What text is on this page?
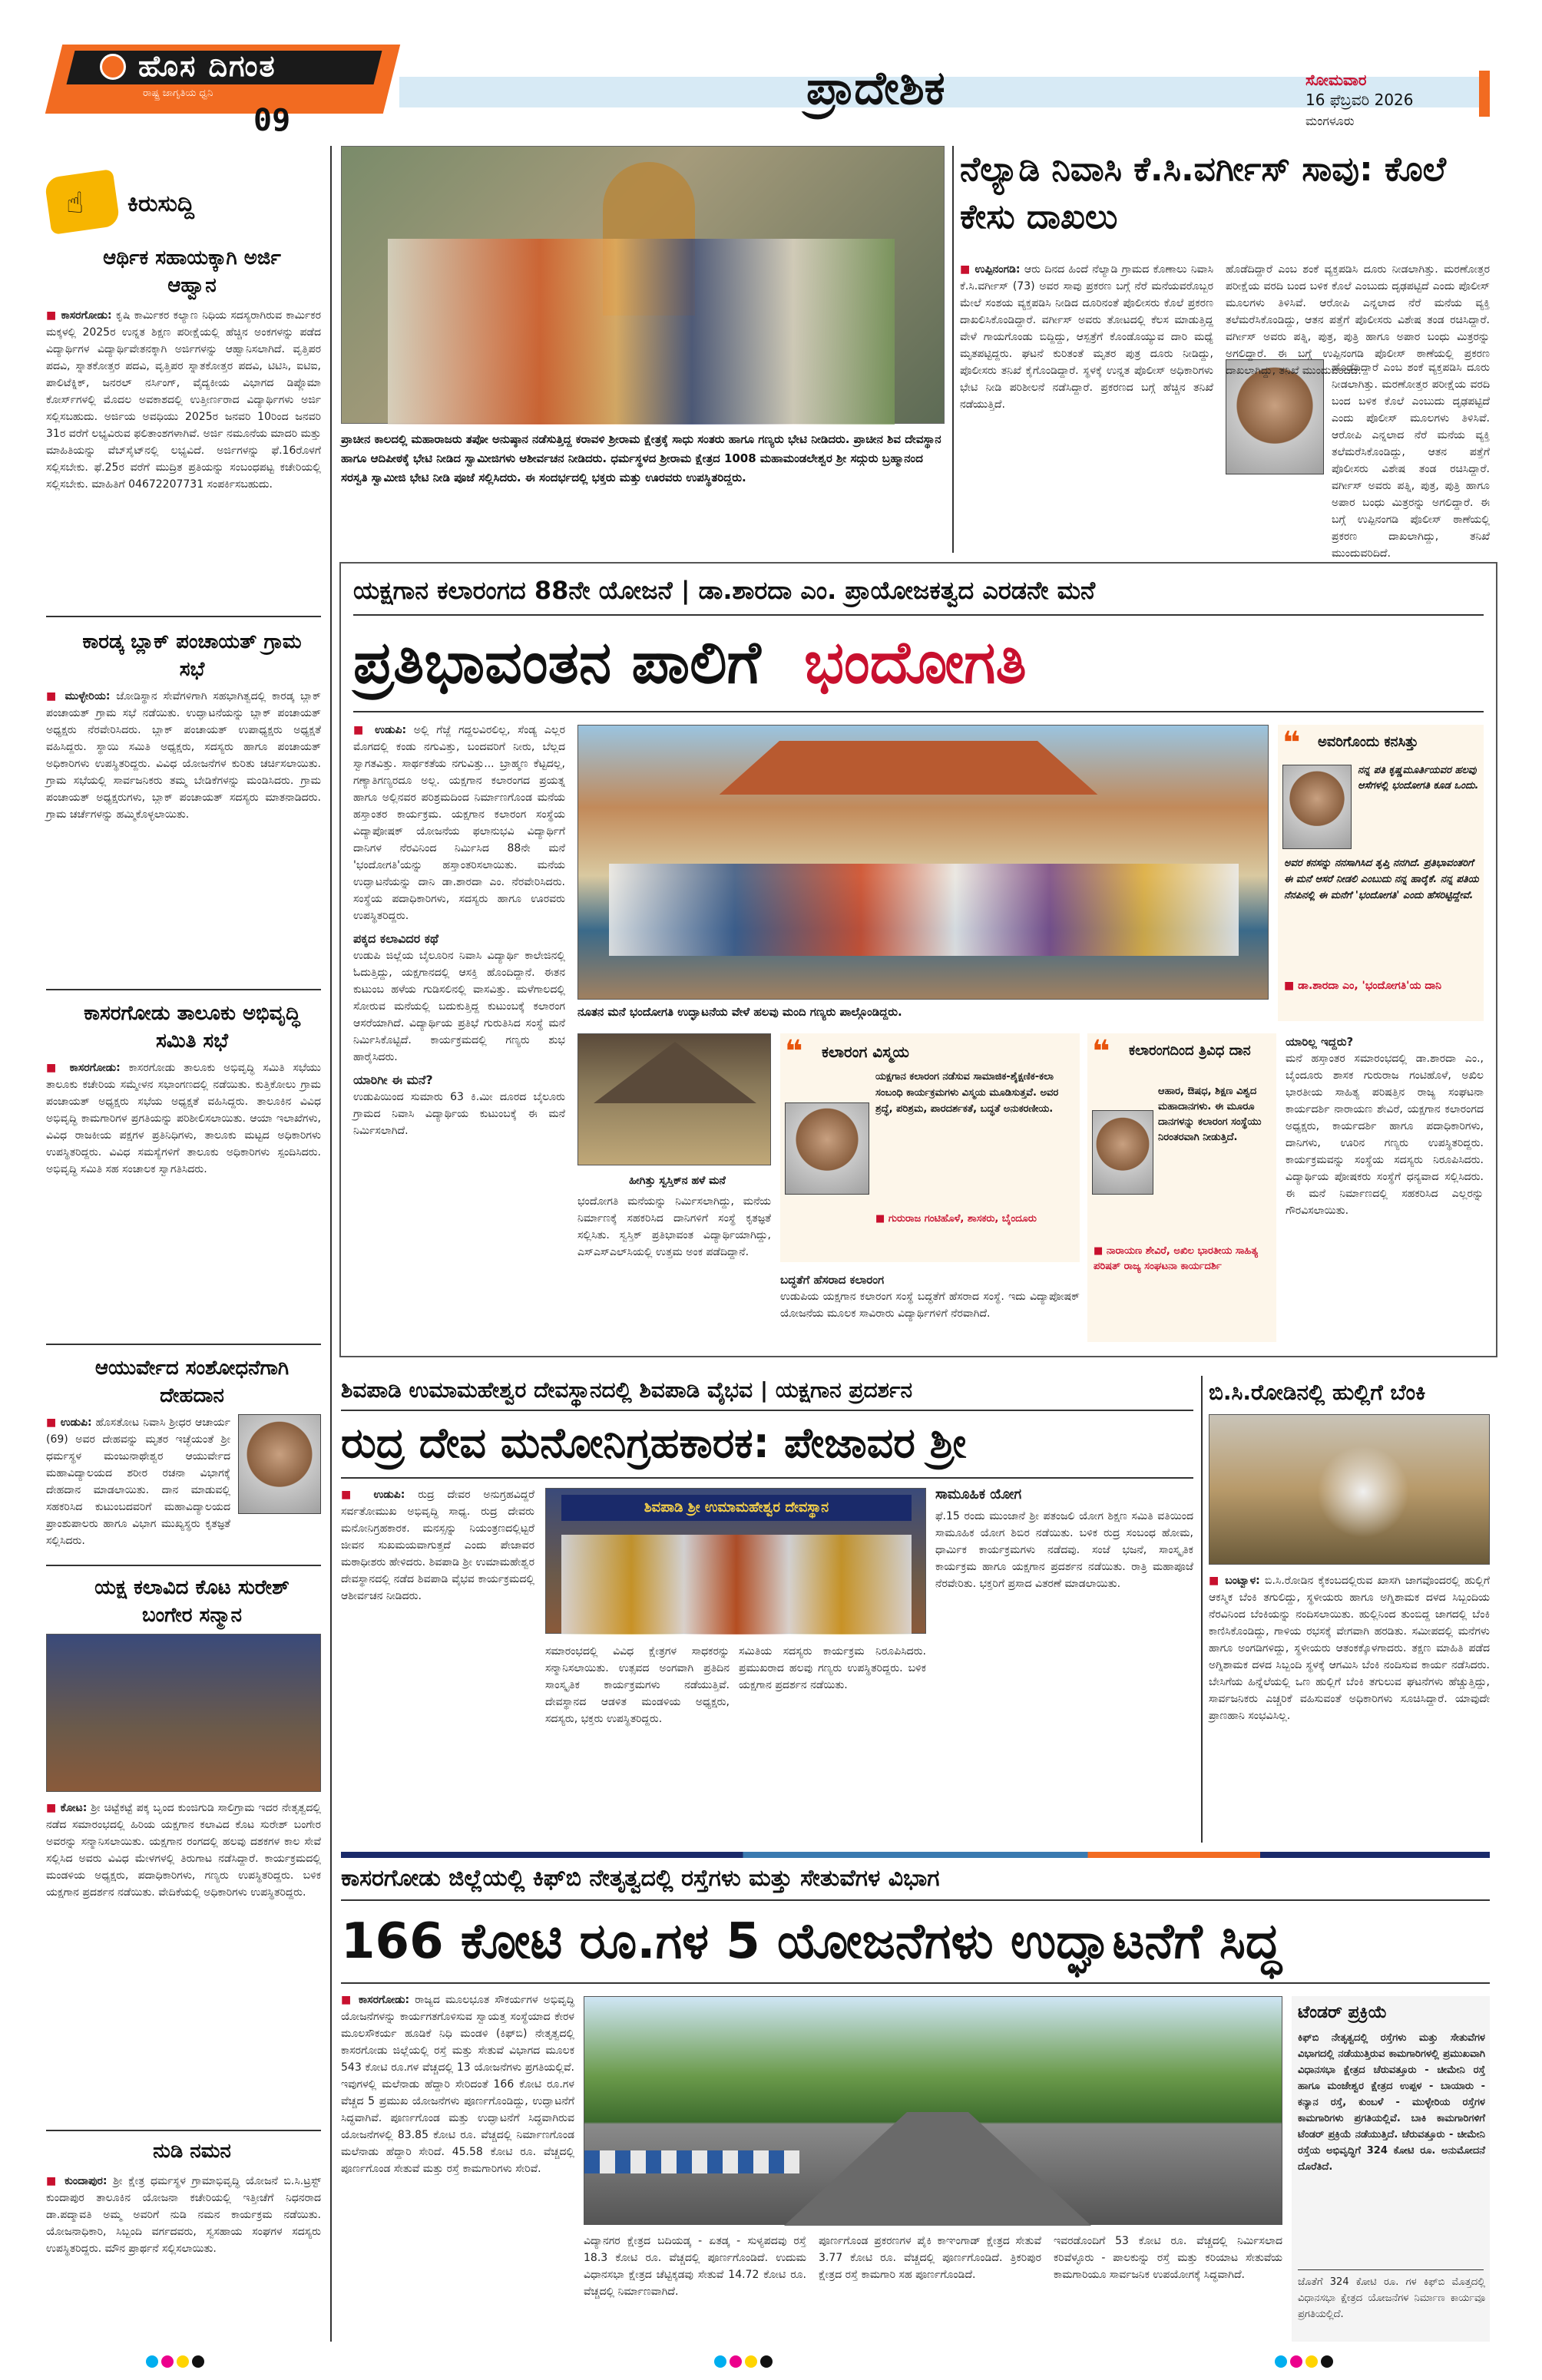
ಹೊಸ ದಿಗಂತ
ರಾಷ್ಟ್ರ ಜಾಗೃತಿಯ ಧ್ವನಿ
09
ಪ್ರಾದೇಶಿಕ	ಸೋಮವಾರ
16 ಫೆಬ್ರವರಿ 2026
ಮಂಗಳೂರು
☝ ಕಿರುಸುದ್ದಿ
ಆರ್ಥಿಕ ಸಹಾಯಕ್ಕಾಗಿ ಅರ್ಜಿ ಆಹ್ವಾನ
■ ಕಾಸರಗೋಡು: ಕೃಷಿ ಕಾರ್ಮಿಕರ ಕಲ್ಯಾಣ ನಿಧಿಯ ಸದಸ್ಯರಾಗಿರುವ ಕಾರ್ಮಿಕರ ಮಕ್ಕಳಲ್ಲಿ 2025ರ ಉನ್ನತ ಶಿಕ್ಷಣ ಪರೀಕ್ಷೆಯಲ್ಲಿ ಹೆಚ್ಚಿನ ಅಂಕಗಳನ್ನು ಪಡೆದ ವಿದ್ಯಾರ್ಥಿಗಳ ವಿದ್ಯಾರ್ಥಿವೇತನಕ್ಕಾಗಿ ಅರ್ಜಿಗಳನ್ನು ಆಹ್ವಾನಿಸಲಾಗಿದೆ. ವೃತ್ತಿಪರ ಪದವಿ, ಸ್ನಾತಕೋತ್ತರ ಪದವಿ, ವೃತ್ತಿಪರ ಸ್ನಾತಕೋತ್ತರ ಪದವಿ, ಟಿಟಿಸಿ, ಐಟಿಐ, ಪಾಲಿಟೆಕ್ನಿಕ್, ಜನರಲ್ ನರ್ಸಿಂಗ್, ವೈದ್ಯಕೀಯ ವಿಭಾಗದ ಡಿಪ್ಲೊಮಾ ಕೋರ್ಸ್‌ಗಳಲ್ಲಿ ಮೊದಲ ಅವಕಾಶದಲ್ಲಿ ಉತ್ತೀರ್ಣರಾದ ವಿದ್ಯಾರ್ಥಿಗಳು ಅರ್ಜಿ ಸಲ್ಲಿಸಬಹುದು. ಅರ್ಜಿಯ ಅವಧಿಯು 2025ರ ಜನವರಿ 10ರಿಂದ ಜನವರಿ 31ರ ವರೆಗೆ ಲಭ್ಯವಿರುವ ಫಲಿತಾಂಶಗಳಾಗಿವೆ. ಅರ್ಜಿ ನಮೂನೆಯ ಮಾದರಿ ಮತ್ತು ಮಾಹಿತಿಯನ್ನು ವೆಬ್‌ಸೈಟ್‌ನಲ್ಲಿ ಲಭ್ಯವಿದೆ. ಅರ್ಜಿಗಳನ್ನು ಫೆ.16ರೊಳಗೆ ಸಲ್ಲಿಸಬೇಕು. ಫೆ.25ರ ವರೆಗೆ ಮುದ್ರಿತ ಪ್ರತಿಯನ್ನು ಸಂಬಂಧಪಟ್ಟ ಕಚೇರಿಯಲ್ಲಿ ಸಲ್ಲಿಸಬೇಕು. ಮಾಹಿತಿಗೆ 04672207731 ಸಂಪರ್ಕಿಸಬಹುದು.
ಕಾರಡ್ಕ ಬ್ಲಾಕ್ ಪಂಚಾಯತ್ ಗ್ರಾಮ ಸಭೆ
■ ಮುಳ್ಳೇರಿಯ: ಜೋಡಿಸ್ಥಾನ ಸೇವೆಗಳಿಗಾಗಿ ಸಹಭಾಗಿತ್ವದಲ್ಲಿ ಕಾರಡ್ಕ ಬ್ಲಾಕ್ ಪಂಚಾಯತ್ ಗ್ರಾಮ ಸಭೆ ನಡೆಯಿತು. ಉದ್ಘಾಟನೆಯನ್ನು ಬ್ಲಾಕ್ ಪಂಚಾಯತ್ ಅಧ್ಯಕ್ಷರು ನೆರವೇರಿಸಿದರು. ಬ್ಲಾಕ್ ಪಂಚಾಯತ್ ಉಪಾಧ್ಯಕ್ಷರು ಅಧ್ಯಕ್ಷತೆ ವಹಿಸಿದ್ದರು. ಸ್ಥಾಯಿ ಸಮಿತಿ ಅಧ್ಯಕ್ಷರು, ಸದಸ್ಯರು ಹಾಗೂ ಪಂಚಾಯತ್ ಅಧಿಕಾರಿಗಳು ಉಪಸ್ಥಿತರಿದ್ದರು. ವಿವಿಧ ಯೋಜನೆಗಳ ಕುರಿತು ಚರ್ಚಿಸಲಾಯಿತು. ಗ್ರಾಮ ಸಭೆಯಲ್ಲಿ ಸಾರ್ವಜನಿಕರು ತಮ್ಮ ಬೇಡಿಕೆಗಳನ್ನು ಮಂಡಿಸಿದರು. ಗ್ರಾಮ ಪಂಚಾಯತ್ ಅಧ್ಯಕ್ಷರುಗಳು, ಬ್ಲಾಕ್ ಪಂಚಾಯತ್ ಸದಸ್ಯರು ಮಾತನಾಡಿದರು. ಗ್ರಾಮ ಚರ್ಚೆಗಳನ್ನು ಹಮ್ಮಿಕೊಳ್ಳಲಾಯಿತು.
ಕಾಸರಗೋಡು ತಾಲೂಕು ಅಭಿವೃದ್ಧಿ ಸಮಿತಿ ಸಭೆ
■ ಕಾಸರಗೋಡು: ಕಾಸರಗೋಡು ತಾಲೂಕು ಅಭಿವೃದ್ಧಿ ಸಮಿತಿ ಸಭೆಯು ತಾಲೂಕು ಕಚೇರಿಯ ಸಮ್ಮೇಳನ ಸಭಾಂಗಣದಲ್ಲಿ ನಡೆಯಿತು. ಕುತ್ತಿಕೋಲು ಗ್ರಾಮ ಪಂಚಾಯತ್ ಅಧ್ಯಕ್ಷರು ಸಭೆಯ ಅಧ್ಯಕ್ಷತೆ ವಹಿಸಿದ್ದರು. ತಾಲೂಕಿನ ವಿವಿಧ ಅಭಿವೃದ್ಧಿ ಕಾಮಗಾರಿಗಳ ಪ್ರಗತಿಯನ್ನು ಪರಿಶೀಲಿಸಲಾಯಿತು. ಆಯಾ ಇಲಾಖೆಗಳು, ವಿವಿಧ ರಾಜಕೀಯ ಪಕ್ಷಗಳ ಪ್ರತಿನಿಧಿಗಳು, ತಾಲೂಕು ಮಟ್ಟದ ಅಧಿಕಾರಿಗಳು ಉಪಸ್ಥಿತರಿದ್ದರು. ವಿವಿಧ ಸಮಸ್ಯೆಗಳಿಗೆ ತಾಲೂಕು ಅಧಿಕಾರಿಗಳು ಸ್ಪಂದಿಸಿದರು. ಅಭಿವೃದ್ಧಿ ಸಮಿತಿ ಸಹ ಸಂಚಾಲಕ ಸ್ವಾಗತಿಸಿದರು.
ಆಯುರ್ವೇದ ಸಂಶೋಧನೆಗಾಗಿ ದೇಹದಾನ
■ ಉಡುಪಿ: ಹೊಸತೋಟ ನಿವಾಸಿ ಶ್ರೀಧರ ಆಚಾರ್ಯ (69) ಅವರ ದೇಹವನ್ನು ಮೃತರ ಇಚ್ಛೆಯಂತೆ ಶ್ರೀ ಧರ್ಮಸ್ಥಳ ಮಂಜುನಾಥೇಶ್ವರ ಆಯುರ್ವೇದ ಮಹಾವಿದ್ಯಾಲಯದ ಶರೀರ ರಚನಾ ವಿಭಾಗಕ್ಕೆ ದೇಹದಾನ ಮಾಡಲಾಯಿತು. ದಾನ ಮಾಡುವಲ್ಲಿ ಸಹಕರಿಸಿದ ಕುಟುಂಬದವರಿಗೆ ಮಹಾವಿದ್ಯಾಲಯದ ಪ್ರಾಂಶುಪಾಲರು ಹಾಗೂ ವಿಭಾಗ ಮುಖ್ಯಸ್ಥರು ಕೃತಜ್ಞತೆ ಸಲ್ಲಿಸಿದರು.
ಯಕ್ಷ ಕಲಾವಿದ ಕೊಟ ಸುರೇಶ್ ಬಂಗೇರ ಸನ್ಮಾನ
■ ಕೋಟ: ಶ್ರೀ ಚಿಟ್ಟೆಕಟ್ಟೆ ಪಕ್ಕ ಬೃಂದ ಕುಂಜಿಗುಡಿ ಸಾಲಿಗ್ರಾಮ ಇದರ ನೇತೃತ್ವದಲ್ಲಿ ನಡೆದ ಸಮಾರಂಭದಲ್ಲಿ ಹಿರಿಯ ಯಕ್ಷಗಾನ ಕಲಾವಿದ ಕೊಟ ಸುರೇಶ್ ಬಂಗೇರ ಅವರನ್ನು ಸನ್ಮಾನಿಸಲಾಯಿತು. ಯಕ್ಷಗಾನ ರಂಗದಲ್ಲಿ ಹಲವು ದಶಕಗಳ ಕಾಲ ಸೇವೆ ಸಲ್ಲಿಸಿದ ಅವರು ವಿವಿಧ ಮೇಳಗಳಲ್ಲಿ ತಿರುಗಾಟ ನಡೆಸಿದ್ದಾರೆ. ಕಾರ್ಯಕ್ರಮದಲ್ಲಿ ಮಂಡಳಿಯ ಅಧ್ಯಕ್ಷರು, ಪದಾಧಿಕಾರಿಗಳು, ಗಣ್ಯರು ಉಪಸ್ಥಿತರಿದ್ದರು. ಬಳಿಕ ಯಕ್ಷಗಾನ ಪ್ರದರ್ಶನ ನಡೆಯಿತು. ವೇದಿಕೆಯಲ್ಲಿ ಅಧಿಕಾರಿಗಳು ಉಪಸ್ಥಿತರಿದ್ದರು.
ನುಡಿ ನಮನ
■ ಕುಂದಾಪುರ: ಶ್ರೀ ಕ್ಷೇತ್ರ ಧರ್ಮಸ್ಥಳ ಗ್ರಾಮಾಭಿವೃದ್ಧಿ ಯೋಜನೆ ಬಿ.ಸಿ.ಟ್ರಸ್ಟ್ ಕುಂದಾಪುರ ತಾಲೂಕಿನ ಯೋಜನಾ ಕಚೇರಿಯಲ್ಲಿ ಇತ್ತೀಚೆಗೆ ನಿಧನರಾದ ಡಾ.ಪದ್ಮಾವತಿ ಅಮ್ಮ ಅವರಿಗೆ ನುಡಿ ನಮನ ಕಾರ್ಯಕ್ರಮ ನಡೆಯಿತು. ಯೋಜನಾಧಿಕಾರಿ, ಸಿಬ್ಬಂದಿ ವರ್ಗದವರು, ಸ್ವಸಹಾಯ ಸಂಘಗಳ ಸದಸ್ಯರು ಉಪಸ್ಥಿತರಿದ್ದರು. ಮೌನ ಪ್ರಾರ್ಥನೆ ಸಲ್ಲಿಸಲಾಯಿತು.
ಪ್ರಾಚೀನ ಕಾಲದಲ್ಲಿ ಮಹಾರಾಜರು ತಪೋ ಅನುಷ್ಠಾನ ನಡೆಸುತ್ತಿದ್ದ ಕರಾವಳಿ ಶ್ರೀರಾಮ ಕ್ಷೇತ್ರಕ್ಕೆ ಸಾಧು ಸಂತರು ಹಾಗೂ ಗಣ್ಯರು ಭೇಟಿ ನೀಡಿದರು. ಪ್ರಾಚೀನ ಶಿವ ದೇವಸ್ಥಾನ ಹಾಗೂ ಆದಿಪೀಠಕ್ಕೆ ಭೇಟಿ ನೀಡಿದ ಸ್ವಾಮೀಜಿಗಳು ಆಶೀರ್ವಚನ ನೀಡಿದರು. ಧರ್ಮಸ್ಥಳದ ಶ್ರೀರಾಮ ಕ್ಷೇತ್ರದ 1008 ಮಹಾಮಂಡಲೇಶ್ವರ ಶ್ರೀ ಸದ್ಗುರು ಬ್ರಹ್ಮಾನಂದ ಸರಸ್ವತಿ ಸ್ವಾಮೀಜಿ ಭೇಟಿ ನೀಡಿ ಪೂಜೆ ಸಲ್ಲಿಸಿದರು. ಈ ಸಂದರ್ಭದಲ್ಲಿ ಭಕ್ತರು ಮತ್ತು ಊರವರು ಉಪಸ್ಥಿತರಿದ್ದರು.
ನೆಲ್ಯಾಡಿ ನಿವಾಸಿ ಕೆ.ಸಿ.ವರ್ಗೀಸ್ ಸಾವು: ಕೊಲೆ ಕೇಸು ದಾಖಲು
■ ಉಪ್ಪಿನಂಗಡಿ: ಆರು ದಿನದ ಹಿಂದೆ ನೆಲ್ಯಾಡಿ ಗ್ರಾಮದ ಕೊಣಾಲು ನಿವಾಸಿ ಕೆ.ಸಿ.ವರ್ಗೀಸ್ (73) ಅವರ ಸಾವು ಪ್ರಕರಣ ಬಗ್ಗೆ ನೆರೆ ಮನೆಯವರೊಬ್ಬರ ಮೇಲೆ ಸಂಶಯ ವ್ಯಕ್ತಪಡಿಸಿ ನೀಡಿದ ದೂರಿನಂತೆ ಪೊಲೀಸರು ಕೊಲೆ ಪ್ರಕರಣ ದಾಖಲಿಸಿಕೊಂಡಿದ್ದಾರೆ. ವರ್ಗೀಸ್ ಅವರು ತೋಟದಲ್ಲಿ ಕೆಲಸ ಮಾಡುತ್ತಿದ್ದ ವೇಳೆ ಗಾಯಗೊಂಡು ಬಿದ್ದಿದ್ದು, ಆಸ್ಪತ್ರೆಗೆ ಕೊಂಡೊಯ್ಯುವ ದಾರಿ ಮಧ್ಯೆ ಮೃತಪಟ್ಟಿದ್ದರು. ಘಟನೆ ಕುರಿತಂತೆ ಮೃತರ ಪುತ್ರ ದೂರು ನೀಡಿದ್ದು, ಪೊಲೀಸರು ತನಿಖೆ ಕೈಗೊಂಡಿದ್ದಾರೆ. ಸ್ಥಳಕ್ಕೆ ಉನ್ನತ ಪೊಲೀಸ್ ಅಧಿಕಾರಿಗಳು ಭೇಟಿ ನೀಡಿ ಪರಿಶೀಲನೆ ನಡೆಸಿದ್ದಾರೆ. ಪ್ರಕರಣದ ಬಗ್ಗೆ ಹೆಚ್ಚಿನ ತನಿಖೆ ನಡೆಯುತ್ತಿದೆ.
ಹೊಡೆದಿದ್ದಾರೆ ಎಂಬ ಶಂಕೆ ವ್ಯಕ್ತಪಡಿಸಿ ದೂರು ನೀಡಲಾಗಿತ್ತು. ಮರಣೋತ್ತರ ಪರೀಕ್ಷೆಯ ವರದಿ ಬಂದ ಬಳಿಕ ಕೊಲೆ ಎಂಬುದು ದೃಢಪಟ್ಟಿದೆ ಎಂದು ಪೊಲೀಸ್ ಮೂಲಗಳು ತಿಳಿಸಿವೆ. ಆರೋಪಿ ಎನ್ನಲಾದ ನೆರೆ ಮನೆಯ ವ್ಯಕ್ತಿ ತಲೆಮರೆಸಿಕೊಂಡಿದ್ದು, ಆತನ ಪತ್ತೆಗೆ ಪೊಲೀಸರು ವಿಶೇಷ ತಂಡ ರಚಿಸಿದ್ದಾರೆ. ವರ್ಗೀಸ್ ಅವರು ಪತ್ನಿ, ಪುತ್ರ, ಪುತ್ರಿ ಹಾಗೂ ಅಪಾರ ಬಂಧು ಮಿತ್ರರನ್ನು ಅಗಲಿದ್ದಾರೆ. ಈ ಬಗ್ಗೆ ಉಪ್ಪಿನಂಗಡಿ ಪೊಲೀಸ್ ಠಾಣೆಯಲ್ಲಿ ಪ್ರಕರಣ ದಾಖಲಾಗಿದ್ದು, ತನಿಖೆ ಮುಂದುವರಿದಿದೆ.
ಹೊಡೆದಿದ್ದಾರೆ ಎಂಬ ಶಂಕೆ ವ್ಯಕ್ತಪಡಿಸಿ ದೂರು ನೀಡಲಾಗಿತ್ತು. ಮರಣೋತ್ತರ ಪರೀಕ್ಷೆಯ ವರದಿ ಬಂದ ಬಳಿಕ ಕೊಲೆ ಎಂಬುದು ದೃಢಪಟ್ಟಿದೆ ಎಂದು ಪೊಲೀಸ್ ಮೂಲಗಳು ತಿಳಿಸಿವೆ. ಆರೋಪಿ ಎನ್ನಲಾದ ನೆರೆ ಮನೆಯ ವ್ಯಕ್ತಿ ತಲೆಮರೆಸಿಕೊಂಡಿದ್ದು, ಆತನ ಪತ್ತೆಗೆ ಪೊಲೀಸರು ವಿಶೇಷ ತಂಡ ರಚಿಸಿದ್ದಾರೆ. ವರ್ಗೀಸ್ ಅವರು ಪತ್ನಿ, ಪುತ್ರ, ಪುತ್ರಿ ಹಾಗೂ ಅಪಾರ ಬಂಧು ಮಿತ್ರರನ್ನು ಅಗಲಿದ್ದಾರೆ. ಈ ಬಗ್ಗೆ ಉಪ್ಪಿನಂಗಡಿ ಪೊಲೀಸ್ ಠಾಣೆಯಲ್ಲಿ ಪ್ರಕರಣ ದಾಖಲಾಗಿದ್ದು, ತನಿಖೆ ಮುಂದುವರಿದಿದೆ.
ಯಕ್ಷಗಾನ ಕಲಾರಂಗದ 88ನೇ ಯೋಜನೆ | ಡಾ.ಶಾರದಾ ಎಂ. ಪ್ರಾಯೋಜಕತ್ವದ ಎರಡನೇ ಮನೆ
ಪ್ರತಿಭಾವಂತನ ಪಾಲಿಗೆ ಭಂದೋಗತಿ
■ ಉಡುಪಿ: ಅಲ್ಲಿ ಗೆಜ್ಜೆ ಗದ್ದಲವಿರಲಿಲ್ಲ, ಸೆಂಡ್ಯ ಎಲ್ಲರ ಮೊಗದಲ್ಲಿ ಕಂಡು ನಗುವಿತ್ತು, ಬಂದವರಿಗೆ ನೀರು, ಬೆಲ್ಲದ ಸ್ವಾಗತವಿತ್ತು. ಸಾರ್ಥಕತೆಯ ನಗುವಿತ್ತು... ಬ್ರಾಹ್ಮಣ ಕೆಟ್ಟದಲ್ಲ, ಗಣ್ಯಾತಿಗಣ್ಯರದೂ ಅಲ್ಲ. ಯಕ್ಷಗಾನ ಕಲಾರಂಗದ ಪ್ರಯತ್ನ ಹಾಗೂ ಅಲ್ಲಿನವರ ಪರಿಶ್ರಮದಿಂದ ನಿರ್ಮಾಣಗೊಂಡ ಮನೆಯ ಹಸ್ತಾಂತರ ಕಾರ್ಯಕ್ರಮ. ಯಕ್ಷಗಾನ ಕಲಾರಂಗ ಸಂಸ್ಥೆಯ ವಿದ್ಯಾಪೋಷಕ್ ಯೋಜನೆಯ ಫಲಾನುಭವಿ ವಿದ್ಯಾರ್ಥಿಗೆ ದಾನಿಗಳ ನೆರವಿನಿಂದ ನಿರ್ಮಿಸಿದ 88ನೇ ಮನೆ 'ಭಂದೋಗತಿ'ಯನ್ನು ಹಸ್ತಾಂತರಿಸಲಾಯಿತು. ಮನೆಯ ಉದ್ಘಾಟನೆಯನ್ನು ದಾನಿ ಡಾ.ಶಾರದಾ ಎಂ. ನೆರವೇರಿಸಿದರು. ಸಂಸ್ಥೆಯ ಪದಾಧಿಕಾರಿಗಳು, ಸದಸ್ಯರು ಹಾಗೂ ಊರವರು ಉಪಸ್ಥಿತರಿದ್ದರು.
ಪಕ್ಕದ ಕಲಾವಿದರ ಕಥೆ
ಉಡುಪಿ ಜಿಲ್ಲೆಯ ಬೈಲೂರಿನ ನಿವಾಸಿ ವಿದ್ಯಾರ್ಥಿ ಕಾಲೇಜಿನಲ್ಲಿ ಓದುತ್ತಿದ್ದು, ಯಕ್ಷಗಾನದಲ್ಲಿ ಆಸಕ್ತಿ ಹೊಂದಿದ್ದಾನೆ. ಈತನ ಕುಟುಂಬ ಹಳೆಯ ಗುಡಿಸಲಿನಲ್ಲಿ ವಾಸವಿತ್ತು. ಮಳೆಗಾಲದಲ್ಲಿ ಸೋರುವ ಮನೆಯಲ್ಲಿ ಬದುಕುತ್ತಿದ್ದ ಕುಟುಂಬಕ್ಕೆ ಕಲಾರಂಗ ಆಸರೆಯಾಗಿದೆ. ವಿದ್ಯಾರ್ಥಿಯ ಪ್ರತಿಭೆ ಗುರುತಿಸಿದ ಸಂಸ್ಥೆ ಮನೆ ನಿರ್ಮಿಸಿಕೊಟ್ಟಿದೆ. ಕಾರ್ಯಕ್ರಮದಲ್ಲಿ ಗಣ್ಯರು ಶುಭ ಹಾರೈಸಿದರು.
ಯಾರಿಗೀ ಈ ಮನೆ?
ಉಡುಪಿಯಿಂದ ಸುಮಾರು 63 ಕಿ.ಮೀ ದೂರದ ಬೈಲೂರು ಗ್ರಾಮದ ನಿವಾಸಿ ವಿದ್ಯಾರ್ಥಿಯ ಕುಟುಂಬಕ್ಕೆ ಈ ಮನೆ ನಿರ್ಮಿಸಲಾಗಿದೆ.
ನೂತನ ಮನೆ ಭಂದೋಗತಿ ಉದ್ಘಾಟನೆಯ ವೇಳೆ ಹಲವು ಮಂದಿ ಗಣ್ಯರು ಪಾಲ್ಗೊಂಡಿದ್ದರು.
❝ ಅವರಿಗೊಂದು ಕನಸಿತ್ತು
ನನ್ನ ಪತಿ ಕೃಷ್ಣಮೂರ್ತಿಯವರ ಹಲವು ಆಸೆಗಳಲ್ಲಿ ಭಂದೋಗತಿ ಕೂಡ ಒಂದು.
ಅವರ ಕನಸನ್ನು ನನಸಾಗಿಸಿದ ತೃಪ್ತಿ ನನಗಿದೆ. ಪ್ರತಿಭಾವಂತರಿಗೆ ಈ ಮನೆ ಆಸರೆ ನೀಡಲಿ ಎಂಬುದು ನನ್ನ ಹಾರೈಕೆ. ನನ್ನ ಪತಿಯ ನೆನಪಿನಲ್ಲಿ ಈ ಮನೆಗೆ 'ಭಂದೋಗತಿ' ಎಂದು ಹೆಸರಿಟ್ಟಿದ್ದೇವೆ.
■ ಡಾ.ಶಾರದಾ ಎಂ, 'ಭಂದೋಗತಿ'ಯ ದಾನಿ
ಹೀಗಿತ್ತು ಸ್ವಸ್ತಿಕ್‌ನ ಹಳೆ ಮನೆ
❝ ಕಲಾರಂಗ ವಿಸ್ಮಯ
ಯಕ್ಷಗಾನ ಕಲಾರಂಗ ನಡೆಸುವ ಸಾಮಾಜಿಕ-ಶೈಕ್ಷಣಿಕ-ಕಲಾ ಸಂಬಂಧಿ ಕಾರ್ಯಕ್ರಮಗಳು ವಿಸ್ಮಯ ಮೂಡಿಸುತ್ತವೆ. ಅವರ ಶ್ರದ್ಧೆ, ಪರಿಶ್ರಮ, ಪಾರದರ್ಶಕತೆ, ಬದ್ಧತೆ ಅನುಕರಣೀಯ.
■ ಗುರುರಾಜ ಗಂಟಿಹೊಳೆ, ಶಾಸಕರು, ಬೈಂದೂರು
❝ ಕಲಾರಂಗದಿಂದ ತ್ರಿವಿಧ ದಾನ
ಆಹಾರ, ಔಷಧ, ಶಿಕ್ಷಣ ವಿಶ್ವದ ಮಹಾದಾನಗಳು. ಈ ಮೂರೂ ದಾನಗಳನ್ನು ಕಲಾರಂಗ ಸಂಸ್ಥೆಯು ನಿರಂತರವಾಗಿ ನೀಡುತ್ತಿದೆ.
■ ನಾರಾಯಣ ಶೇವಿರೆ, ಅಖಿಲ ಭಾರತೀಯ ಸಾಹಿತ್ಯ ಪರಿಷತ್ ರಾಜ್ಯ ಸಂಘಟನಾ ಕಾರ್ಯದರ್ಶಿ
ಭಂದೋಗತಿ ಮನೆಯನ್ನು ನಿರ್ಮಿಸಲಾಗಿದ್ದು, ಮನೆಯ ನಿರ್ಮಾಣಕ್ಕೆ ಸಹಕರಿಸಿದ ದಾನಿಗಳಿಗೆ ಸಂಸ್ಥೆ ಕೃತಜ್ಞತೆ ಸಲ್ಲಿಸಿತು. ಸ್ವಸ್ತಿಕ್ ಪ್ರತಿಭಾವಂತ ವಿದ್ಯಾರ್ಥಿಯಾಗಿದ್ದು, ಎಸ್‌ಎಸ್‌ಎಲ್‌ಸಿಯಲ್ಲಿ ಉತ್ತಮ ಅಂಕ ಪಡೆದಿದ್ದಾನೆ.
ಬದ್ಧತೆಗೆ ಹೆಸರಾದ ಕಲಾರಂಗ
ಉಡುಪಿಯ ಯಕ್ಷಗಾನ ಕಲಾರಂಗ ಸಂಸ್ಥೆ ಬದ್ಧತೆಗೆ ಹೆಸರಾದ ಸಂಸ್ಥೆ. ಇದು ವಿದ್ಯಾಪೋಷಕ್ ಯೋಜನೆಯ ಮೂಲಕ ಸಾವಿರಾರು ವಿದ್ಯಾರ್ಥಿಗಳಿಗೆ ನೆರವಾಗಿದೆ.
ಯಾರಿಲ್ಲ ಇದ್ದರು?
ಮನೆ ಹಸ್ತಾಂತರ ಸಮಾರಂಭದಲ್ಲಿ ಡಾ.ಶಾರದಾ ಎಂ., ಬೈಂದೂರು ಶಾಸಕ ಗುರುರಾಜ ಗಂಟಿಹೊಳೆ, ಅಖಿಲ ಭಾರತೀಯ ಸಾಹಿತ್ಯ ಪರಿಷತ್ತಿನ ರಾಜ್ಯ ಸಂಘಟನಾ ಕಾರ್ಯದರ್ಶಿ ನಾರಾಯಣ ಶೇವಿರೆ, ಯಕ್ಷಗಾನ ಕಲಾರಂಗದ ಅಧ್ಯಕ್ಷರು, ಕಾರ್ಯದರ್ಶಿ ಹಾಗೂ ಪದಾಧಿಕಾರಿಗಳು, ದಾನಿಗಳು, ಊರಿನ ಗಣ್ಯರು ಉಪಸ್ಥಿತರಿದ್ದರು. ಕಾರ್ಯಕ್ರಮವನ್ನು ಸಂಸ್ಥೆಯ ಸದಸ್ಯರು ನಿರೂಪಿಸಿದರು. ವಿದ್ಯಾರ್ಥಿಯ ಪೋಷಕರು ಸಂಸ್ಥೆಗೆ ಧನ್ಯವಾದ ಸಲ್ಲಿಸಿದರು. ಈ ಮನೆ ನಿರ್ಮಾಣದಲ್ಲಿ ಸಹಕರಿಸಿದ ಎಲ್ಲರನ್ನು ಗೌರವಿಸಲಾಯಿತು.
ಶಿವಪಾಡಿ ಉಮಾಮಹೇಶ್ವರ ದೇವಸ್ಥಾನದಲ್ಲಿ ಶಿವಪಾಡಿ ವೈಭವ | ಯಕ್ಷಗಾನ ಪ್ರದರ್ಶನ
ರುದ್ರ ದೇವ ಮನೋನಿಗ್ರಹಕಾರಕ: ಪೇಜಾವರ ಶ್ರೀ
■ ಉಡುಪಿ: ರುದ್ರ ದೇವರ ಅನುಗ್ರಹವಿದ್ದರೆ ಸರ್ವತೋಮುಖ ಅಭಿವೃದ್ಧಿ ಸಾಧ್ಯ. ರುದ್ರ ದೇವರು ಮನೋನಿಗ್ರಹಕಾರಕ. ಮನಸ್ಸನ್ನು ನಿಯಂತ್ರಣದಲ್ಲಿಟ್ಟರೆ ಜೀವನ ಸುಖಮಯವಾಗುತ್ತದೆ ಎಂದು ಪೇಜಾವರ ಮಠಾಧೀಶರು ಹೇಳಿದರು. ಶಿವಪಾಡಿ ಶ್ರೀ ಉಮಾಮಹೇಶ್ವರ ದೇವಸ್ಥಾನದಲ್ಲಿ ನಡೆದ ಶಿವಪಾಡಿ ವೈಭವ ಕಾರ್ಯಕ್ರಮದಲ್ಲಿ ಆಶೀರ್ವಚನ ನೀಡಿದರು.
ಶಿವಪಾಡಿ ಶ್ರೀ ಉಮಾಮಹೇಶ್ವರ ದೇವಸ್ಥಾನ
ಸಮಾರಂಭದಲ್ಲಿ ವಿವಿಧ ಕ್ಷೇತ್ರಗಳ ಸಾಧಕರನ್ನು ಸನ್ಮಾನಿಸಲಾಯಿತು. ಉತ್ಸವದ ಅಂಗವಾಗಿ ಪ್ರತಿದಿನ ಸಾಂಸ್ಕೃತಿಕ ಕಾರ್ಯಕ್ರಮಗಳು ನಡೆಯುತ್ತಿವೆ. ದೇವಸ್ಥಾನದ ಆಡಳಿತ ಮಂಡಳಿಯ ಅಧ್ಯಕ್ಷರು, ಸದಸ್ಯರು, ಭಕ್ತರು ಉಪಸ್ಥಿತರಿದ್ದರು.
ಸಮಿತಿಯ ಸದಸ್ಯರು ಕಾರ್ಯಕ್ರಮ ನಿರೂಪಿಸಿದರು. ಪ್ರಮುಖರಾದ ಹಲವು ಗಣ್ಯರು ಉಪಸ್ಥಿತರಿದ್ದರು. ಬಳಿಕ ಯಕ್ಷಗಾನ ಪ್ರದರ್ಶನ ನಡೆಯಿತು.
ಸಾಮೂಹಿಕ ಯೋಗ
ಫೆ.15 ರಂದು ಮುಂಜಾನೆ ಶ್ರೀ ಪತಂಜಲಿ ಯೋಗ ಶಿಕ್ಷಣ ಸಮಿತಿ ವತಿಯಿಂದ ಸಾಮೂಹಿಕ ಯೋಗ ಶಿಬಿರ ನಡೆಯಿತು. ಬಳಿಕ ರುದ್ರ ಸಂಬಂಧ ಹೋಮ, ಧಾರ್ಮಿಕ ಕಾರ್ಯಕ್ರಮಗಳು ನಡೆದವು. ಸಂಜೆ ಭಜನೆ, ಸಾಂಸ್ಕೃತಿಕ ಕಾರ್ಯಕ್ರಮ ಹಾಗೂ ಯಕ್ಷಗಾನ ಪ್ರದರ್ಶನ ನಡೆಯಿತು. ರಾತ್ರಿ ಮಹಾಪೂಜೆ ನೆರವೇರಿತು. ಭಕ್ತರಿಗೆ ಪ್ರಸಾದ ವಿತರಣೆ ಮಾಡಲಾಯಿತು.
ಬಿ.ಸಿ.ರೋಡಿನಲ್ಲಿ ಹುಲ್ಲಿಗೆ ಬೆಂಕಿ
■ ಬಂಟ್ವಾಳ: ಬಿ.ಸಿ.ರೋಡಿನ ಕೈಕಂಬದಲ್ಲಿರುವ ಖಾಸಗಿ ಜಾಗವೊಂದರಲ್ಲಿ ಹುಲ್ಲಿಗೆ ಆಕಸ್ಮಿಕ ಬೆಂಕಿ ತಗುಲಿದ್ದು, ಸ್ಥಳೀಯರು ಹಾಗೂ ಅಗ್ನಿಶಾಮಕ ದಳದ ಸಿಬ್ಬಂದಿಯ ನೆರವಿನಿಂದ ಬೆಂಕಿಯನ್ನು ನಂದಿಸಲಾಯಿತು. ಹುಲ್ಲಿನಿಂದ ತುಂಬಿದ್ದ ಜಾಗದಲ್ಲಿ ಬೆಂಕಿ ಕಾಣಿಸಿಕೊಂಡಿದ್ದು, ಗಾಳಿಯ ರಭಸಕ್ಕೆ ವೇಗವಾಗಿ ಹರಡಿತು. ಸಮೀಪದಲ್ಲಿ ಮನೆಗಳು ಹಾಗೂ ಅಂಗಡಿಗಳಿದ್ದು, ಸ್ಥಳೀಯರು ಆತಂಕಕ್ಕೊಳಗಾದರು. ತಕ್ಷಣ ಮಾಹಿತಿ ಪಡೆದ ಅಗ್ನಿಶಾಮಕ ದಳದ ಸಿಬ್ಬಂದಿ ಸ್ಥಳಕ್ಕೆ ಆಗಮಿಸಿ ಬೆಂಕಿ ನಂದಿಸುವ ಕಾರ್ಯ ನಡೆಸಿದರು. ಬೇಸಿಗೆಯ ಹಿನ್ನೆಲೆಯಲ್ಲಿ ಒಣ ಹುಲ್ಲಿಗೆ ಬೆಂಕಿ ತಗುಲುವ ಘಟನೆಗಳು ಹೆಚ್ಚುತ್ತಿದ್ದು, ಸಾರ್ವಜನಿಕರು ಎಚ್ಚರಿಕೆ ವಹಿಸುವಂತೆ ಅಧಿಕಾರಿಗಳು ಸೂಚಿಸಿದ್ದಾರೆ. ಯಾವುದೇ ಪ್ರಾಣಹಾನಿ ಸಂಭವಿಸಿಲ್ಲ.
ಕಾಸರಗೋಡು ಜಿಲ್ಲೆಯಲ್ಲಿ ಕಿಫ್‌ಬಿ ನೇತೃತ್ವದಲ್ಲಿ ರಸ್ತೆಗಳು ಮತ್ತು ಸೇತುವೆಗಳ ವಿಭಾಗ
166 ಕೋಟಿ ರೂ.ಗಳ 5 ಯೋಜನೆಗಳು ಉದ್ಘಾಟನೆಗೆ ಸಿದ್ಧ
■ ಕಾಸರಗೋಡು: ರಾಜ್ಯದ ಮೂಲಭೂತ ಸೌಕರ್ಯಗಳ ಅಭಿವೃದ್ಧಿ ಯೋಜನೆಗಳನ್ನು ಕಾರ್ಯಗತಗೊಳಿಸುವ ಸ್ವಾಯತ್ತ ಸಂಸ್ಥೆಯಾದ ಕೇರಳ ಮೂಲಸೌಕರ್ಯ ಹೂಡಿಕೆ ನಿಧಿ ಮಂಡಳಿ (ಕಿಫ್‌ಬಿ) ನೇತೃತ್ವದಲ್ಲಿ ಕಾಸರಗೋಡು ಜಿಲ್ಲೆಯಲ್ಲಿ ರಸ್ತೆ ಮತ್ತು ಸೇತುವೆ ವಿಭಾಗದ ಮೂಲಕ 543 ಕೋಟಿ ರೂ.ಗಳ ವೆಚ್ಚದಲ್ಲಿ 13 ಯೋಜನೆಗಳು ಪ್ರಗತಿಯಲ್ಲಿವೆ. ಇವುಗಳಲ್ಲಿ ಮಲೆನಾಡು ಹೆದ್ದಾರಿ ಸೇರಿದಂತೆ 166 ಕೋಟಿ ರೂ.ಗಳ ವೆಚ್ಚದ 5 ಪ್ರಮುಖ ಯೋಜನೆಗಳು ಪೂರ್ಣಗೊಂಡಿದ್ದು, ಉದ್ಘಾಟನೆಗೆ ಸಿದ್ಧವಾಗಿವೆ. ಪೂರ್ಣಗೊಂಡ ಮತ್ತು ಉದ್ಘಾಟನೆಗೆ ಸಿದ್ಧವಾಗಿರುವ ಯೋಜನೆಗಳಲ್ಲಿ 83.85 ಕೋಟಿ ರೂ. ವೆಚ್ಚದಲ್ಲಿ ನಿರ್ಮಾಣಗೊಂಡ ಮಲೆನಾಡು ಹೆದ್ದಾರಿ ಸೇರಿದೆ. 45.58 ಕೋಟಿ ರೂ. ವೆಚ್ಚದಲ್ಲಿ ಪೂರ್ಣಗೊಂಡ ಸೇತುವೆ ಮತ್ತು ರಸ್ತೆ ಕಾಮಗಾರಿಗಳು ಸೇರಿವೆ.
ವಿದ್ಯಾನಗರ ಕ್ಷೇತ್ರದ ಬದಿಯಡ್ಕ - ಏತಡ್ಕ - ಸುಳ್ಯಪದವು ರಸ್ತೆ 18.3 ಕೋಟಿ ರೂ. ವೆಚ್ಚದಲ್ಲಿ ಪೂರ್ಣಗೊಂಡಿದೆ. ಉದುಮ ವಿಧಾನಸಭಾ ಕ್ಷೇತ್ರದ ಚೆಟ್ಟಿಕ್ಕಡವು ಸೇತುವೆ 14.72 ಕೋಟಿ ರೂ. ವೆಚ್ಚದಲ್ಲಿ ನಿರ್ಮಾಣವಾಗಿದೆ.
ಪೂರ್ಣಗೊಂಡ ಪ್ರಕರಣಗಳ ಪೈಕಿ ಕಾಞಂಗಾಡ್ ಕ್ಷೇತ್ರದ ಸೇತುವೆ 3.77 ಕೋಟಿ ರೂ. ವೆಚ್ಚದಲ್ಲಿ ಪೂರ್ಣಗೊಂಡಿದೆ. ತ್ರಿಕರಿಪುರ ಕ್ಷೇತ್ರದ ರಸ್ತೆ ಕಾಮಗಾರಿ ಸಹ ಪೂರ್ಣಗೊಂಡಿದೆ.
ಇವರಡೊಂದಿಗೆ 53 ಕೋಟಿ ರೂ. ವೆಚ್ಚದಲ್ಲಿ ನಿರ್ಮಿಸಲಾದ ಕರಿವೆಳ್ಳೂರು - ಪಾಲಕುನ್ನು ರಸ್ತೆ ಮತ್ತು ಕರಿಯಾಟ ಸೇತುವೆಯ ಕಾಮಗಾರಿಯೂ ಸಾರ್ವಜನಿಕ ಉಪಯೋಗಕ್ಕೆ ಸಿದ್ಧವಾಗಿದೆ.
ಟೆಂಡರ್ ಪ್ರಕ್ರಿಯೆ
ಕಿಫ್‌ಬಿ ನೇತೃತ್ವದಲ್ಲಿ ರಸ್ತೆಗಳು ಮತ್ತು ಸೇತುವೆಗಳ ವಿಭಾಗದಲ್ಲಿ ನಡೆಯುತ್ತಿರುವ ಕಾಮಗಾರಿಗಳಲ್ಲಿ ಪ್ರಮುಖವಾಗಿ ವಿಧಾನಸಭಾ ಕ್ಷೇತ್ರದ ಚೆರುವತ್ತೂರು - ಚೀಮೇನಿ ರಸ್ತೆ ಹಾಗೂ ಮಂಜೇಶ್ವರ ಕ್ಷೇತ್ರದ ಉಪ್ಪಳ - ಬಾಯಾರು - ಕನ್ಯಾನ ರಸ್ತೆ, ಕುಂಬಳೆ - ಮುಳ್ಳೇರಿಯ ರಸ್ತೆಗಳ ಕಾಮಗಾರಿಗಳು ಪ್ರಗತಿಯಲ್ಲಿವೆ. ಬಾಕಿ ಕಾಮಗಾರಿಗಳಿಗೆ ಟೆಂಡರ್ ಪ್ರಕ್ರಿಯೆ ನಡೆಯುತ್ತಿದೆ. ಚೆರುವತ್ತೂರು - ಚೀಮೇನಿ ರಸ್ತೆಯ ಅಭಿವೃದ್ಧಿಗೆ 324 ಕೋಟಿ ರೂ. ಅನುಮೋದನೆ ದೊರೆತಿದೆ.
ಜೊತೆಗೆ 324 ಕೋಟಿ ರೂ. ಗಳ ಕಿಫ್‌ಬಿ ಮೊತ್ತದಲ್ಲಿ ವಿಧಾನಸಭಾ ಕ್ಷೇತ್ರದ ಯೋಜನೆಗಳ ನಿರ್ಮಾಣ ಕಾರ್ಯವೂ ಪ್ರಗತಿಯಲ್ಲಿದೆ.
